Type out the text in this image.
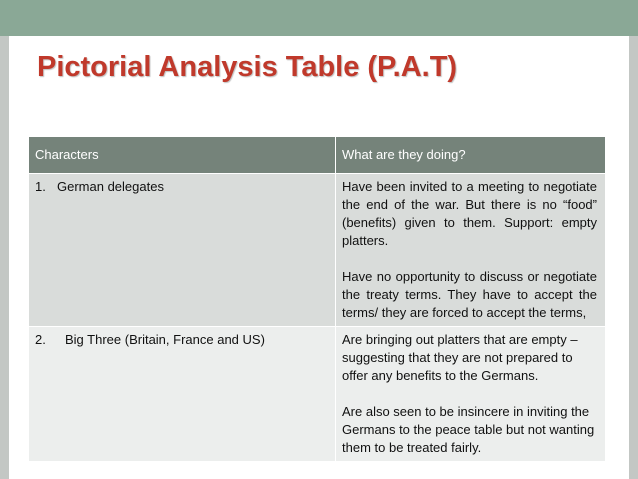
Pictorial Analysis Table (P.A.T)
Characters	What are they doing?
1. German delegates	Have been invited to a meeting to negotiate the end of the war. But there is no “food” (benefits) given to them. Support: empty platters.

Have no opportunity to discuss or negotiate the treaty terms. They have to accept the terms/ they are forced to accept the terms,

2. Big Three (Britain, France and US)	Are bringing out platters that are empty – suggesting that they are not prepared to offer any benefits to the Germans.

Are also seen to be insincere in inviting the Germans to the peace table but not wanting them to be treated fairly.
